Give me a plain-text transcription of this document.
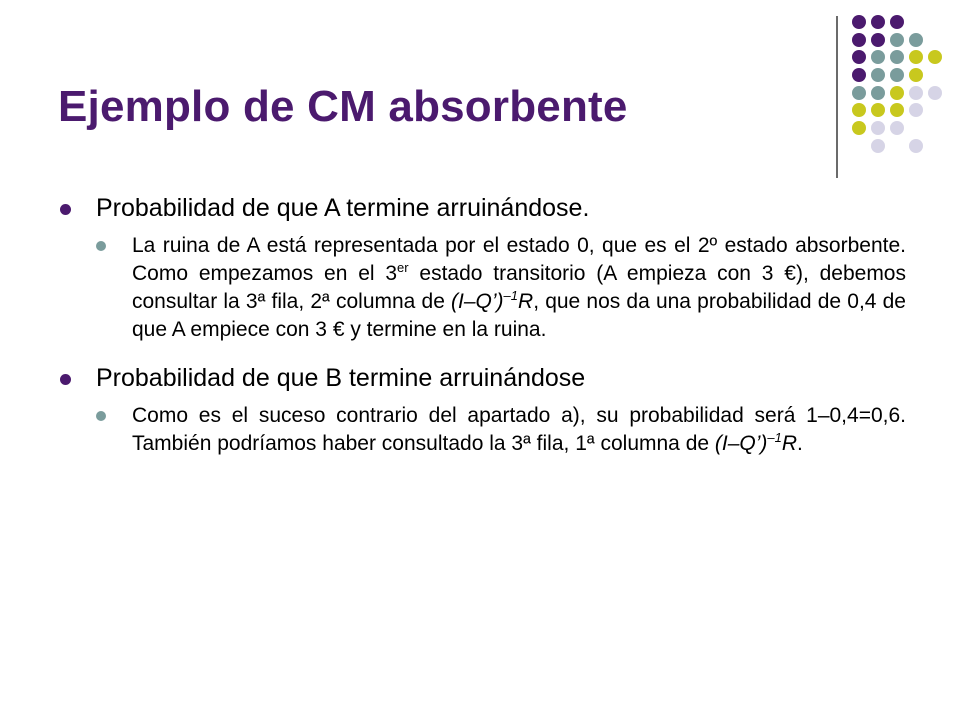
Ejemplo de CM absorbente
Probabilidad de que A termine arruinándose.
La ruina de A está representada por el estado 0, que es el 2º estado absorbente. Como empezamos en el 3er estado transitorio (A empieza con 3 €), debemos consultar la 3ª fila, 2ª columna de (I–Q’)$^{-1}$R, que nos da una probabilidad de 0,4 de que A empiece con 3 € y termine en la ruina.
Probabilidad de que B termine arruinándose
Como es el suceso contrario del apartado a), su probabilidad será 1–0,4=0,6. También podríamos haber consultado la 3ª fila, 1ª columna de (I–Q’)$^{-1}$R.
